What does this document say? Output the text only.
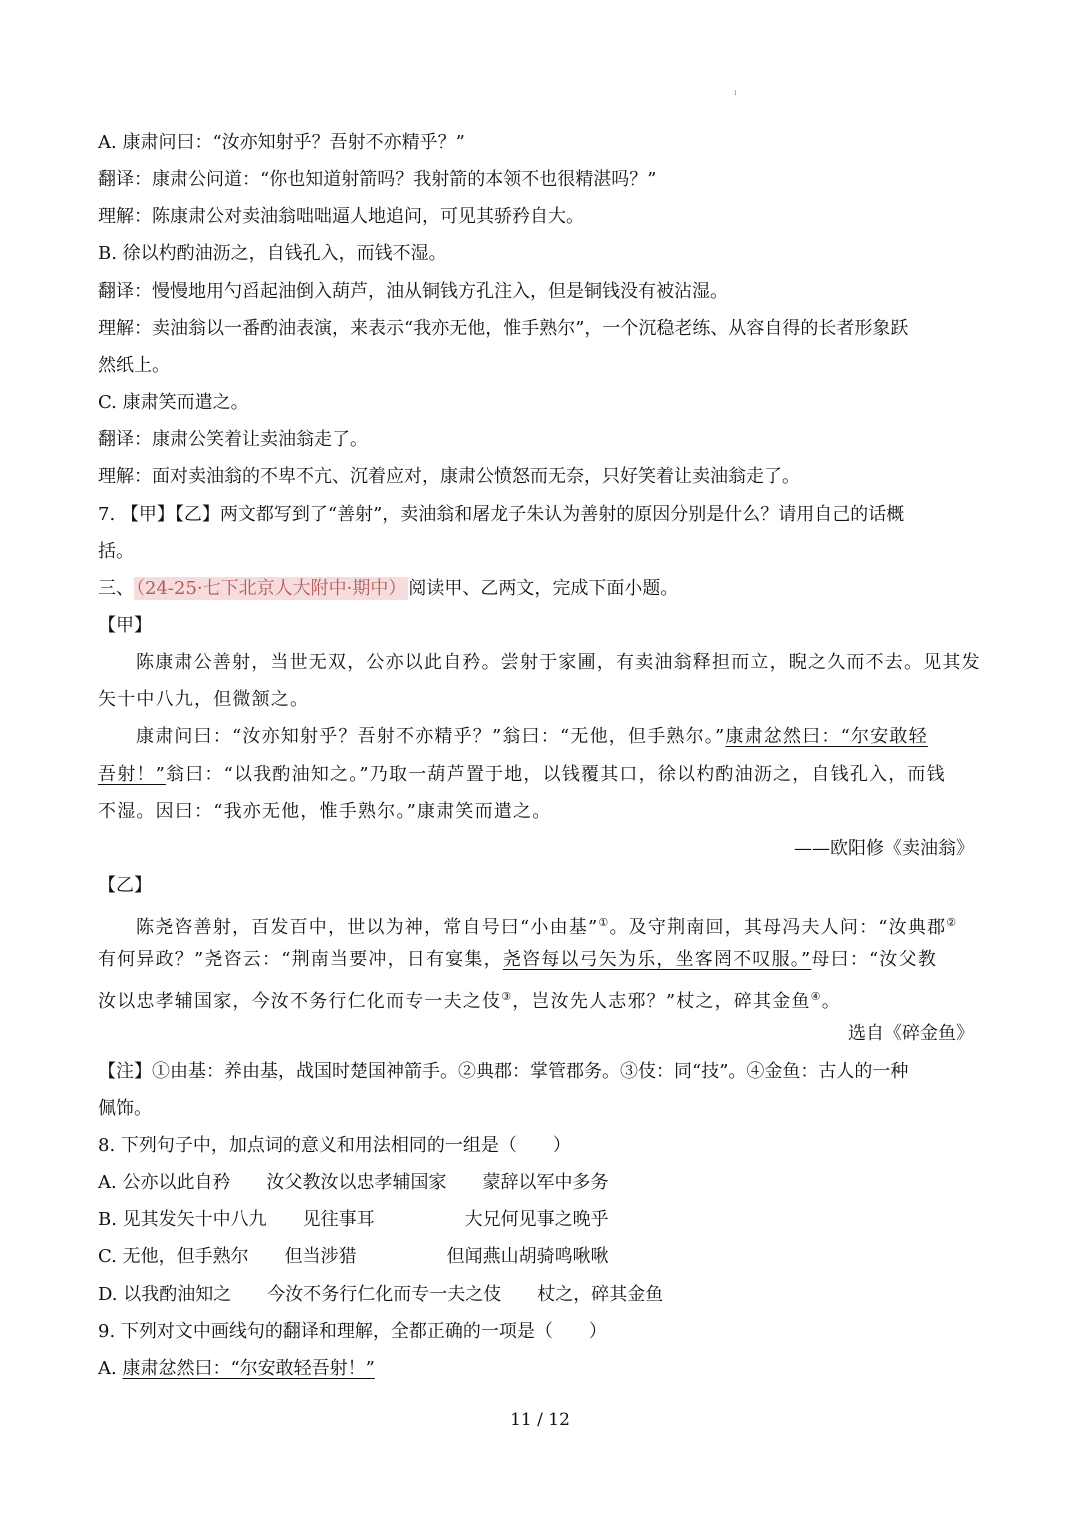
ı
A. 康肃问曰：“汝亦知射乎？吾射不亦精乎？”
翻译：康肃公问道：“你也知道射箭吗？我射箭的本领不也很精湛吗？”
理解：陈康肃公对卖油翁咄咄逼人地追问，可见其骄矜自大。
B. 徐以杓酌油沥之，自钱孔入，而钱不湿。
翻译：慢慢地用勺舀起油倒入葫芦，油从铜钱方孔注入，但是铜钱没有被沾湿。
理解：卖油翁以一番酌油表演，来表示“我亦无他，惟手熟尔”，一个沉稳老练、从容自得的长者形象跃
然纸上。
C. 康肃笑而遣之。
翻译：康肃公笑着让卖油翁走了。
理解：面对卖油翁的不卑不亢、沉着应对，康肃公愤怒而无奈，只好笑着让卖油翁走了。
7. 【甲】【乙】两文都写到了“善射”，卖油翁和屠龙子朱认为善射的原因分别是什么？请用自己的话概
括。
三、 （24-25·七下北京人大附中·期中） 阅读甲、乙两文，完成下面小题。
【甲】
陈康肃公善射，当世无双，公亦以此自矜。尝射于家圃，有卖油翁释担而立，睨之久而不去。见其发
矢十中八九，但微颔之。
康肃问曰：“汝亦知射乎？吾射不亦精乎？”翁曰：“无他，但手熟尔。”康肃忿然曰：“尔安敢轻
吾射！”翁曰：“以我酌油知之。”乃取一葫芦置于地，以钱覆其口，徐以杓酌油沥之，自钱孔入，而钱
不湿。因曰：“我亦无他，惟手熟尔。”康肃笑而遣之。
——欧阳修《卖油翁》
【乙】
陈尧咨善射，百发百中，世以为神，常自号曰“小由基”①。及守荆南回，其母冯夫人问：“汝典郡②
有何异政？”尧咨云：“荆南当要冲，日有宴集，尧咨每以弓矢为乐，坐客罔不叹服。”母曰：“汝父教
汝以忠孝辅国家，今汝不务行仁化而专一夫之伎③，岂汝先人志邪？”杖之，碎其金鱼④。
选自《碎金鱼》
【注】①由基：养由基，战国时楚国神箭手。②典郡：掌管郡务。③伎：同“技”。④金鱼：古人的一种
佩饰。
8. 下列句子中，加点词的意义和用法相同的一组是（　　）
A. 公亦以此自矜　　汝父教汝以忠孝辅国家　　蒙辞以军中多务
B. 见其发矢十中八九　　见往事耳　　　　　大兄何见事之晚乎
C. 无他，但手熟尔　　但当涉猎　　　　　但闻燕山胡骑鸣啾啾
D. 以我酌油知之　　今汝不务行仁化而专一夫之伎　　杖之，碎其金鱼
9. 下列对文中画线句的翻译和理解，全都正确的一项是（　　）
A. 康肃忿然曰：“尔安敢轻吾射！”
11 / 12
